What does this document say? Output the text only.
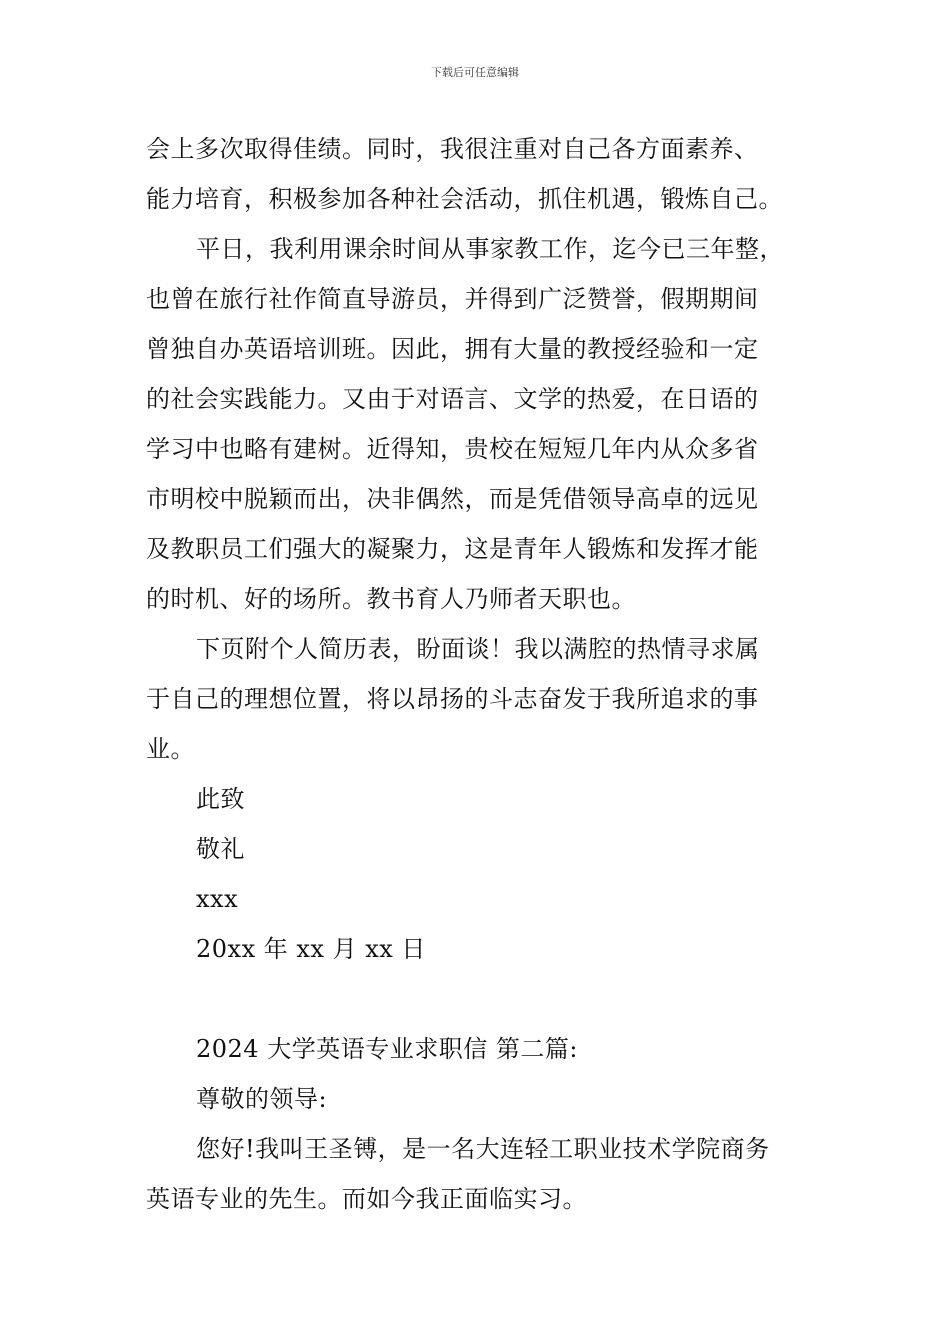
下载后可任意编辑
会上多次取得佳绩。同时，我很注重对自己各方面素养、
能力培育，积极参加各种社会活动，抓住机遇，锻炼自己。
平日，我利用课余时间从事家教工作，迄今已三年整，
也曾在旅行社作简直导游员，并得到广泛赞誉，假期期间
曾独自办英语培训班。因此，拥有大量的教授经验和一定
的社会实践能力。又由于对语言、文学的热爱，在日语的
学习中也略有建树。近得知，贵校在短短几年内从众多省
市明校中脱颖而出，决非偶然，而是凭借领导高卓的远见
及教职员工们强大的凝聚力，这是青年人锻炼和发挥才能
的时机、好的场所。教书育人乃师者天职也。
下页附个人简历表，盼面谈！我以满腔的热情寻求属
于自己的理想位置，将以昂扬的斗志奋发于我所追求的事
业。
此致
敬礼
xxx
20xx 年 xx 月 xx 日
2024 大学英语专业求职信 第二篇:
尊敬的领导:
您好!我叫王圣镈，是一名大连轻工职业技术学院商务
英语专业的先生。而如今我正面临实习。
